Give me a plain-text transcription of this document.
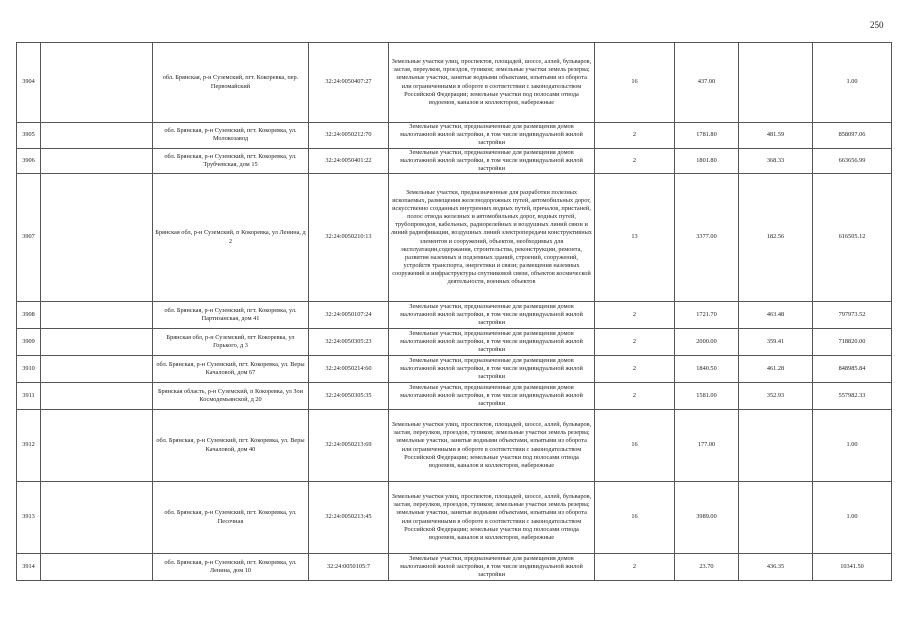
250
3904		обл. Брянская, р-н Суземский, пгт. Кокоревка, пер. Первомайский	32:24:0050407:27	Земельные участки улиц, проспектов, площадей, шоссе, аллей, бульваров, застав, переулков, проездов, тупиков; земельные участки земель резерва; земельные участки, занятые водными объектами, изъятыми из оборота или ограниченными в обороте в соответствии с законодательством Российской Федерации; земельные участки под полосами отвода водоемов, каналов и коллекторов, набережные	16	437.00		1.00
3905		обл. Брянская, р-н Суземский, пгт. Кокоревка, ул. Молокозавод	32:24:0050212:70	Земельные участки, предназначенные для размещения домов малоэтажной жилой застройки, в том числе индивидуальной жилой застройки	2	1781.80	481.59	858097.06
3906		обл. Брянская, р-н Суземский, пгт. Кокоревка, ул. Трубчевская, дом 15	32:24:0050401:22	Земельные участки, предназначенные для размещения домов малоэтажной жилой застройки, в том числе индивидуальной жилой застройки	2	1801.80	368.33	663656.99
3907		Брянская обл, р-н Суземский, п Кокоревка, ул Ленина, д 2	32:24:0050210:13	Земельные участки, предназначенные для разработки полезных ископаемых, размещения железнодорожных путей, автомобильных дорог, искусственно созданных внутренних водных путей, причалов, пристаней, полос отвода железных и автомобильных дорог, водных путей, трубопроводов, кабельных, радиорелейных и воздушных линий связи и линий радиофикации, воздушных линий электропередачи конструктивных элементов и сооружений, объектов, необходимых для эксплуатации,содержания, строительства, реконструкции, ремонта, развития наземных и подземных зданий, строений, сооружений, устройств транспорта, энергетики и связи; размещения наземных сооружений и инфраструктуры спутниковой связи, объектов космической деятельности, военных объектов	13	3377.00	182.56	616505.12
3908		обл. Брянская, р-н Суземский, пгт. Кокоревка, ул. Партизанская, дом 41	32:24:0050107:24	Земельные участки, предназначенные для размещения домов малоэтажной жилой застройки, в том числе индивидуальной жилой застройки	2	1721.70	463.48	797973.52
3909		Брянская обл, р-н Суземский, пгт Кокоревка, ул Горького, д 3	32:24:0050305:23	Земельные участки, предназначенные для размещения домов малоэтажной жилой застройки, в том числе индивидуальной жилой застройки	2	2000.00	359.41	718820.00
3910		обл. Брянская, р-н Суземский, пгт. Кокоревка, ул. Веры Качаловой, дом 67	32:24:0050214:60	Земельные участки, предназначенные для размещения домов малоэтажной жилой застройки, в том числе индивидуальной жилой застройки	2	1840.50	461.28	848985.84
3911		Брянская область, р-н Суземский, п Кокоревка, ул Зои Космодемьянской, д 20	32:24:0050305:35	Земельные участки, предназначенные для размещения домов малоэтажной жилой застройки, в том числе индивидуальной жилой застройки	2	1581.00	352.93	557982.33
3912		обл. Брянская, р-н Суземский, пгт. Кокоревка, ул. Веры Качаловой, дом 40	32:24:0050213:69	Земельные участки улиц, проспектов, площадей, шоссе, аллей, бульваров, застав, переулков, проездов, тупиков; земельные участки земель резерва; земельные участки, занятые водными объектами, изъятыми из оборота или ограниченными в обороте в соответствии с законодательством Российской Федерации; земельные участки под полосами отвода водоемов, каналов и коллекторов, набережные	16	177.00		1.00
3913		обл. Брянская, р-н Суземский, пгт. Кокоревка, ул. Песочная	32:24:0050213:45	Земельные участки улиц, проспектов, площадей, шоссе, аллей, бульваров, застав, переулков, проездов, тупиков; земельные участки земель резерва; земельные участки, занятые водными объектами, изъятыми из оборота или ограниченными в обороте в соответствии с законодательством Российской Федерации; земельные участки под полосами отвода водоемов, каналов и коллекторов, набережные	16	3989.00		1.00
3914		обл. Брянская, р-н Суземский, пгт. Кокоревка, ул. Ленина, дом 10	32:24:0050105:7	Земельные участки, предназначенные для размещения домов малоэтажной жилой застройки, в том числе индивидуальной жилой застройки	2	23.70	436.35	10341.50
